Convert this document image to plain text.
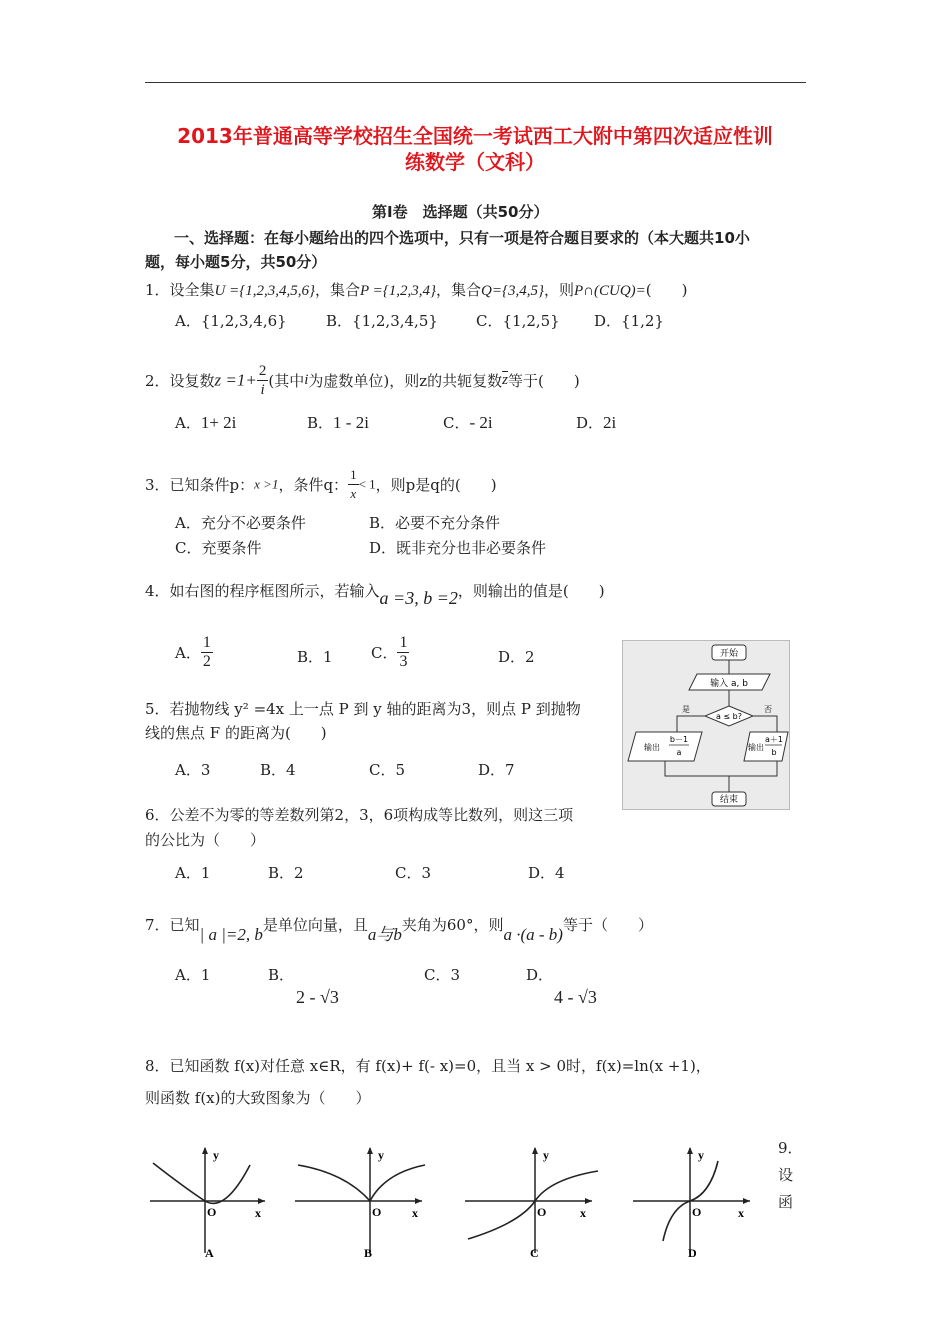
2013年普通高等学校招生全国统一考试西工大附中第四次适应性训
练数学（文科）
第Ⅰ卷　选择题（共50分）
一、选择题：在每小题给出的四个选项中，只有一项是符合题目要求的（本大题共10小
题，每小题5分，共50分）
1．设全集U ={1,2,3,4,5,6}，集合P ={1,2,3,4}，集合Q={3,4,5}，则P∩(CUQ)=(　　)
A．{1,2,3,4,6}	B．{1,2,3,4,5}	C．{1,2,5} D．{1,2}
2．设复数$z =1+ \frac{2}{i}$ (其中i为虚数单位)，则z的共轭复数$\overline{z}$等于(　　)
A．1+ 2i	B．1 - 2i	C．- 2i	D．2i
3．已知条件p：x >1，条件q： $\frac{1}{x} < 1$，则p是q的(　　)
A．充分不必要条件	B．必要不充分条件
C．充要条件	D．既非充分也非必要条件
4．如右图的程序框图所示，若输入a =3, b =2，则输出的值是(　　)
A． $\frac{1}{2}$	B．1	C． $\frac{1}{3}$	D．2	开始
输入 a, b
a ≤ b?
是	否
输出
b－1
a
输出
a＋1
b
结束
5．若抛物线 y² =4x 上一点 P 到 y 轴的距离为3，则点 P 到抛物
线的焦点 F 的距离为(　　)
A．3	B．4	C．5	D．7
6．公差不为零的等差数列第2，3，6项构成等比数列，则这三项
的公比为（　　）
A．1	B．2	C．3	D．4
7．已知| a |=2, b是单位向量，且a与b夹角为60°，则a ·(a - b)等于（　　）
A．1	B．
2 - √3
C．3	D．
4 - √3
8．已知函数 f(x)对任意 x∈R，有 f(x)+ f(- x)=0，且当 x > 0时，f(x)=ln(x +1)，
则函数 f(x)的大致图象为（　　）
y
x
O
A
y
x
O
B
y
x
O
C
y
x
O
D
9．
设
函
